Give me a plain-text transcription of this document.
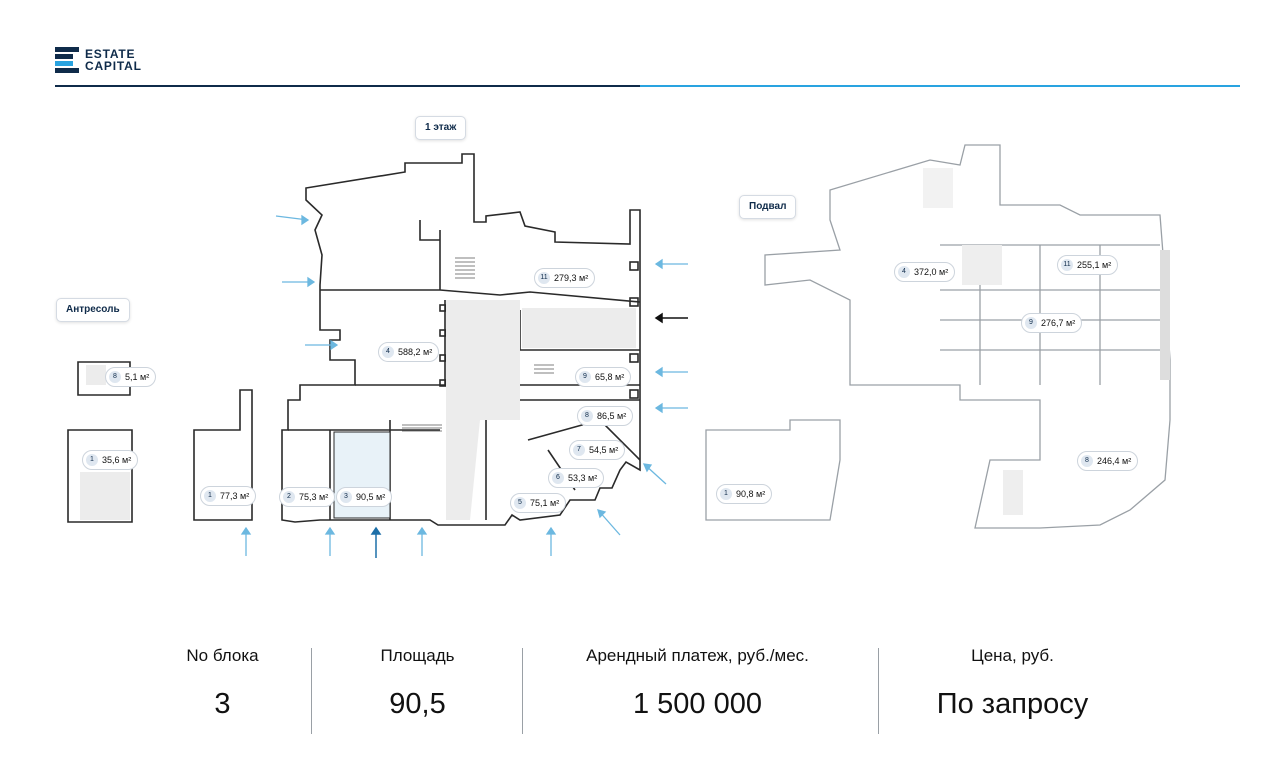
ESTATE
CAPITAL
1 этаж
Подвал
Антресоль
11 279,3 м²
4 588,2 м²
9 65,8 м²
8 86,5 м²
7 54,5 м²
6 53,3 м²
5 75,1 м²
2 75,3 м²	3 90,5 м²
1 77,3 м²
8 5,1 м²
1 35,6 м²
4 372,0 м²
11 255,1 м²
9 276,7 м²
8 246,4 м²
1 90,8 м²
No блока	Площадь	Арендный платеж, руб./мес.	Цена, руб.
3	90,5	1 500 000	По запросу
